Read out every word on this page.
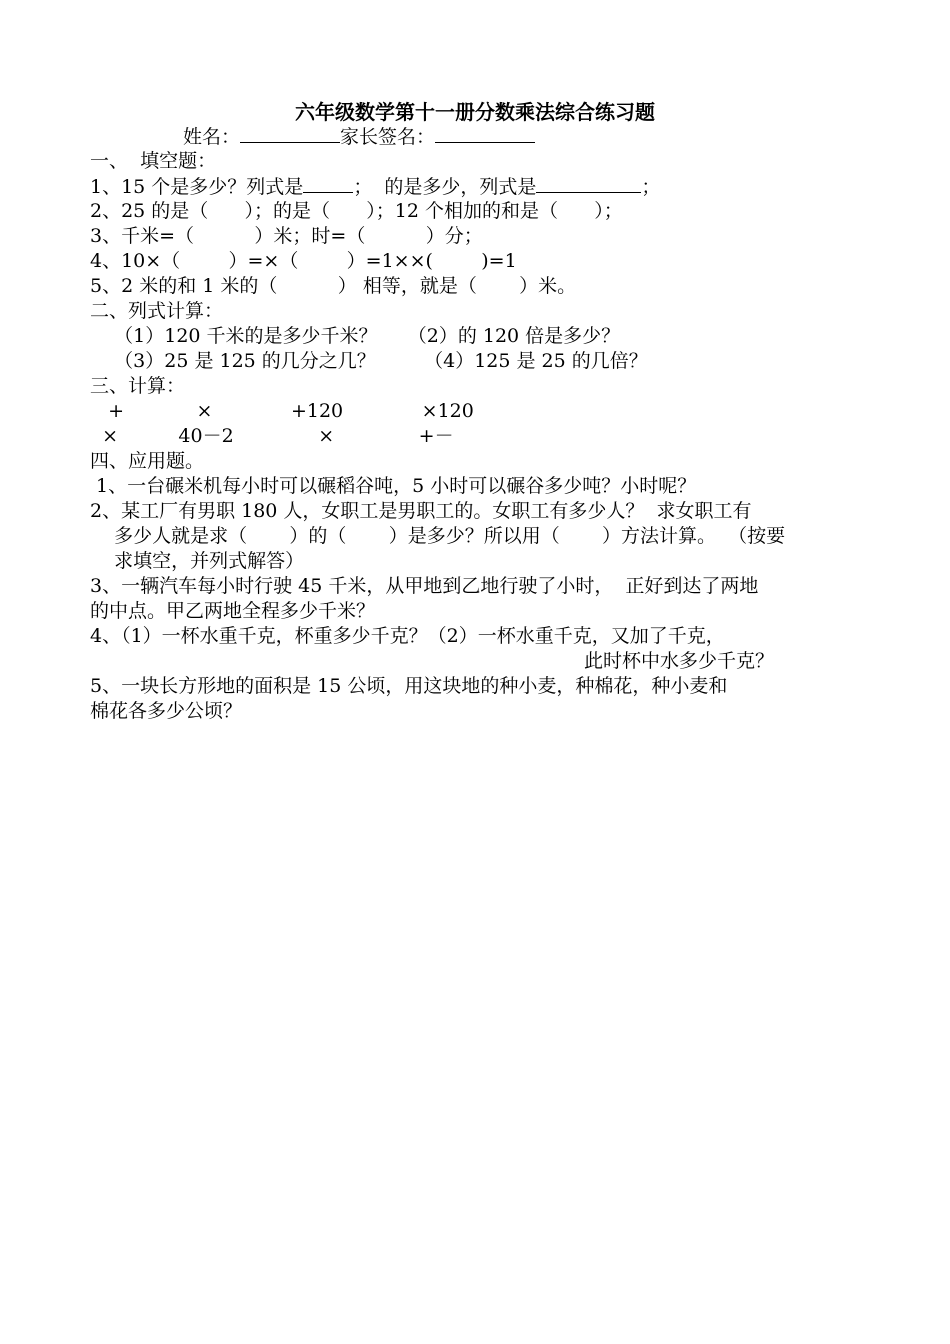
六年级数学第十一册分数乘法综合练习题
姓名：	家长签名：
一、  填空题：
1、15 个是多少？列式是	；  的是多少，列式是	；
2、25 的是（      ）；的是（      ）；12 个相加的和是（      ）；
3、千米=（          ）米；时=（          ）分；
4、10×（        ）=×（        ）=1××(        )=1
5、2 米的和 1 米的（          ） 相等，就是（       ）米。
二、列式计算：
（1）120 千米的是多少千米？     （2）的 120 倍是多少？
（3）25 是 125 的几分之几？        （4）125 是 25 的几倍？
三、计算：
+            ×             +120             ×120
×          40－2              ×              +－
四、应用题。
1、一台碾米机每小时可以碾稻谷吨，5 小时可以碾谷多少吨？小时呢？
2、某工厂有男职 180 人，女职工是男职工的。女职工有多少人？  求女职工有
多少人就是求（       ）的（       ）是多少？所以用（       ）方法计算。  （按要
求填空，并列式解答）
3、一辆汽车每小时行驶 45 千米，从甲地到乙地行驶了小时，  正好到达了两地
的中点。甲乙两地全程多少千米？
4、（1）一杯水重千克，杯重多少千克？（2）一杯水重千克，又加了千克，
此时杯中水多少千克？
5、一块长方形地的面积是 15 公顷，用这块地的种小麦，种棉花，种小麦和
棉花各多少公顷？
